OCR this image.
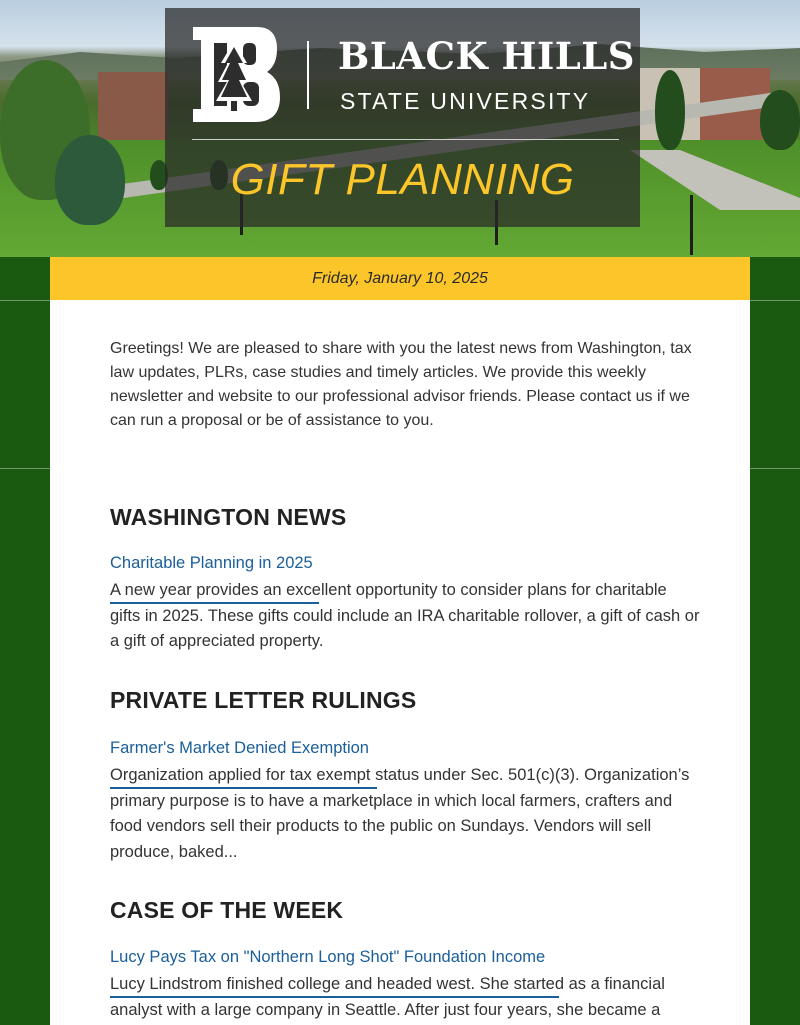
BLACK HILLS
STATE UNIVERSITY
GIFT PLANNING
Friday, January 10, 2025

Greetings! We are pleased to share with you the latest news from Washington, tax law updates, PLRs, case studies and timely articles. We provide this weekly newsletter and website to our professional advisor friends. Please contact us if we can run a proposal or be of assistance to you.

WASHINGTON NEWS
Charitable Planning in 2025

A new year provides an excellent opportunity to consider plans for charitable gifts in 2025. These gifts could include an IRA charitable rollover, a gift of cash or a gift of appreciated property.

PRIVATE LETTER RULINGS
Farmer's Market Denied Exemption

Organization applied for tax exempt status under Sec. 501(c)(3). Organization’s primary purpose is to have a marketplace in which local farmers, crafters and food vendors sell their products to the public on Sundays. Vendors will sell produce, baked...

CASE OF THE WEEK
Lucy Pays Tax on "Northern Long Shot" Foundation Income

Lucy Lindstrom finished college and headed west. She started as a financial analyst with a large company in Seattle. After just four years, she became a
